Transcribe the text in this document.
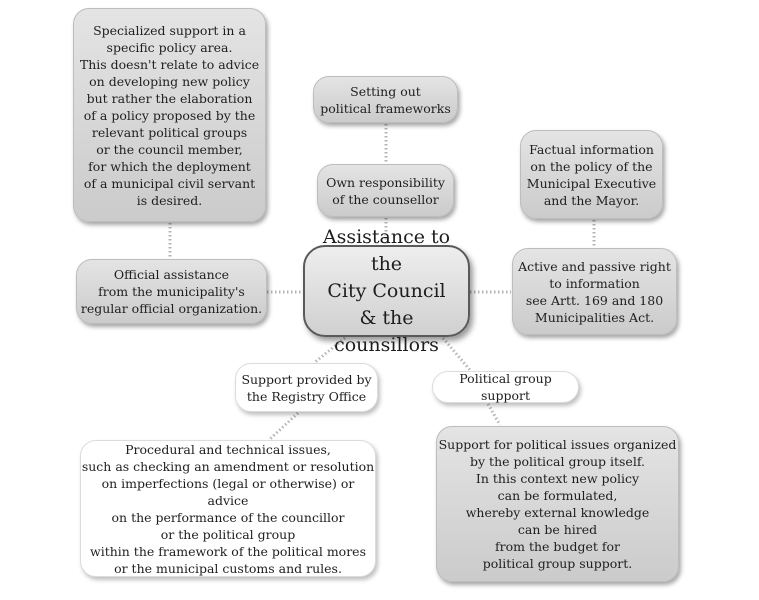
Assistance to the
City Council
& the counsillors
Specialized support in a
specific policy area.
This doesn't relate to advice
on developing new policy
but rather the elaboration
of a policy proposed by the
relevant political groups
or the council member,
for which the deployment
of a municipal civil servant
is desired.
Official assistance
from the municipality's
regular official organization.
Setting out
political frameworks
Own responsibility
of the counsellor
Factual information
on the policy of the
Municipal Executive
and the Mayor.
Active and passive right
to information
see Artt. 169 and 180
Municipalities Act.
Support provided by
the Registry Office
Procedural and technical issues,
such as checking an amendment or resolution
on imperfections (legal or otherwise) or advice
on the performance of the councillor
or the political group
within the framework of the political mores
or the municipal customs and rules.
Political group support
Support for political issues organized
by the political group itself.
In this context new policy
can be formulated,
whereby external knowledge
can be hired
from the budget for
political group support.
